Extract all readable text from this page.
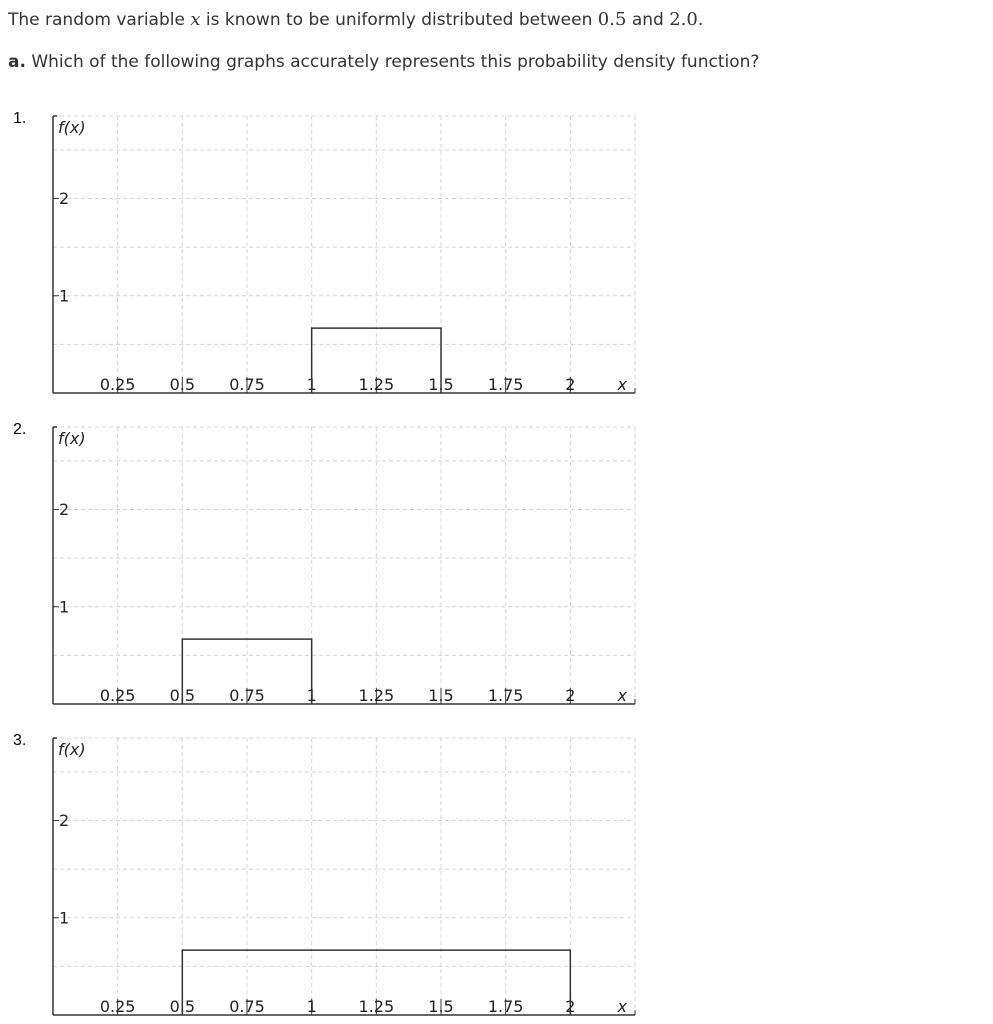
The random variable x is known to be uniformly distributed between 0.5 and 2.0.

a. Which of the following graphs accurately represents this probability density function?

1.
1
2
0.25 0.5 0.75	1	1.25 1.5 1.75	2
f(x)
x
2.
1
2
0.25 0.5 0.75	1	1.25 1.5 1.75	2
f(x)
x
3.
1
2
0.25 0.5 0.75	1	1.25 1.5 1.75	2
f(x)
x
